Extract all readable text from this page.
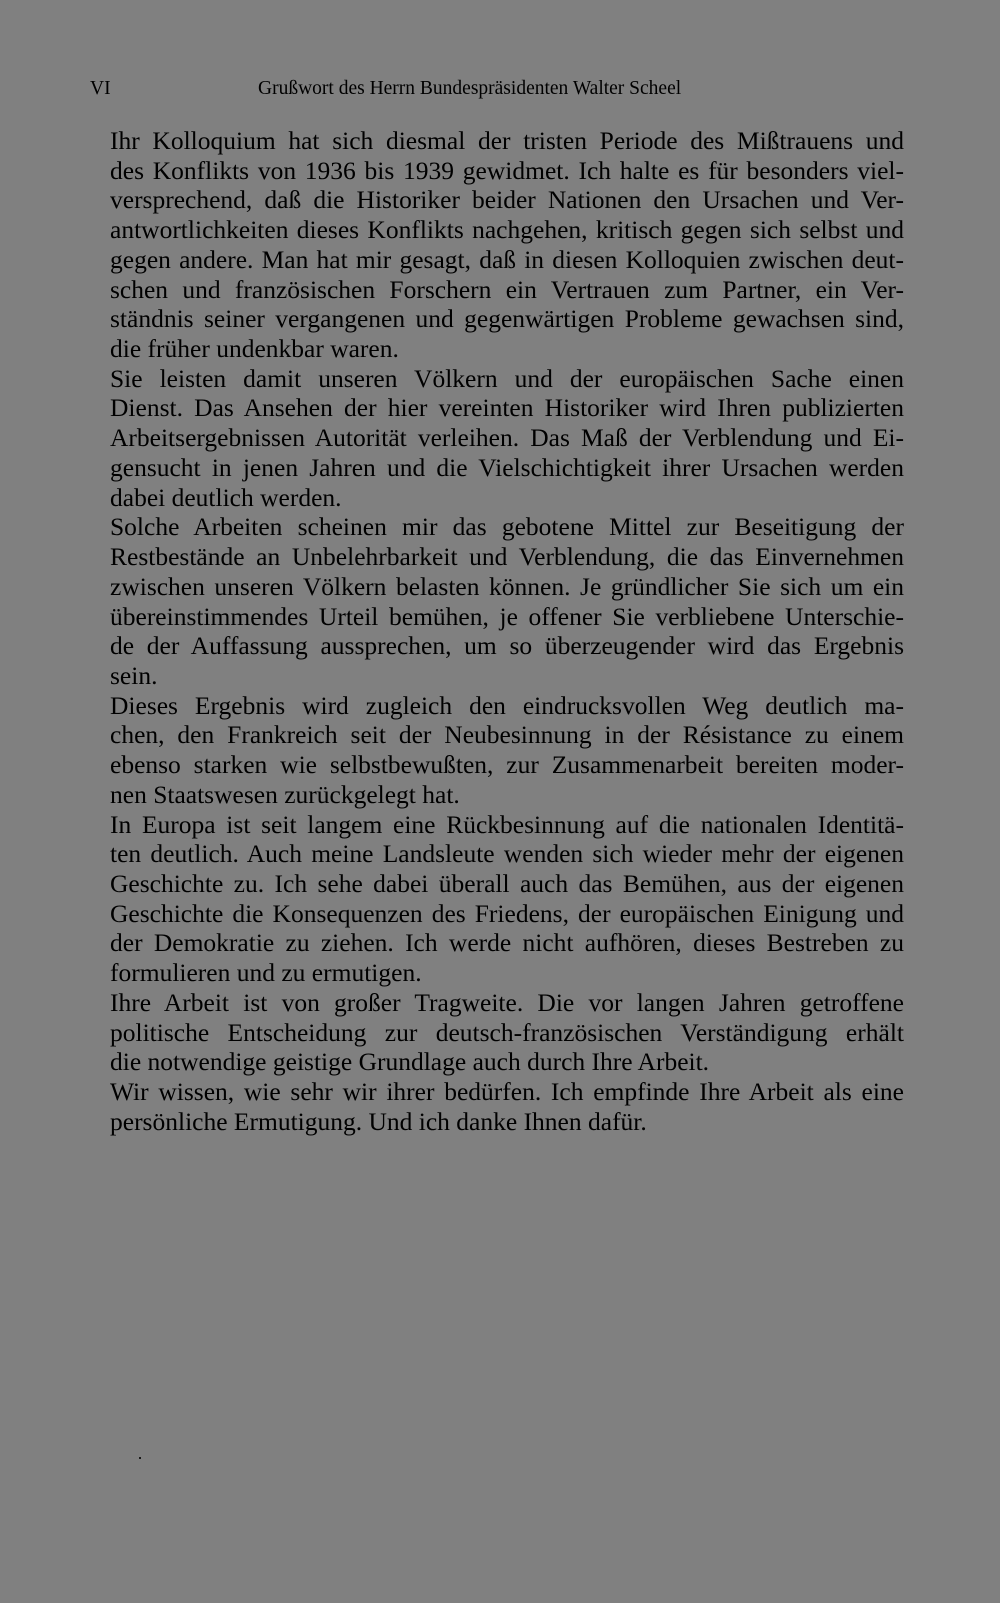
VI	Grußwort des Herrn Bundespräsidenten Walter Scheel
Ihr Kolloquium hat sich diesmal der tristen Periode des Mißtrauens und
des Konflikts von 1936 bis 1939 gewidmet. Ich halte es für besonders viel-
versprechend, daß die Historiker beider Nationen den Ursachen und Ver-
antwortlichkeiten dieses Konflikts nachgehen, kritisch gegen sich selbst und
gegen andere. Man hat mir gesagt, daß in diesen Kolloquien zwischen deut-
schen und französischen Forschern ein Vertrauen zum Partner, ein Ver-
ständnis seiner vergangenen und gegenwärtigen Probleme gewachsen sind,
die früher undenkbar waren.
Sie leisten damit unseren Völkern und der europäischen Sache einen
Dienst. Das Ansehen der hier vereinten Historiker wird Ihren publizierten
Arbeitsergebnissen Autorität verleihen. Das Maß der Verblendung und Ei-
gensucht in jenen Jahren und die Vielschichtigkeit ihrer Ursachen werden
dabei deutlich werden.
Solche Arbeiten scheinen mir das gebotene Mittel zur Beseitigung der
Restbestände an Unbelehrbarkeit und Verblendung, die das Einvernehmen
zwischen unseren Völkern belasten können. Je gründlicher Sie sich um ein
übereinstimmendes Urteil bemühen, je offener Sie verbliebene Unterschie-
de der Auffassung aussprechen, um so überzeugender wird das Ergebnis
sein.
Dieses Ergebnis wird zugleich den eindrucksvollen Weg deutlich ma-
chen, den Frankreich seit der Neubesinnung in der Résistance zu einem
ebenso starken wie selbstbewußten, zur Zusammenarbeit bereiten moder-
nen Staatswesen zurückgelegt hat.
In Europa ist seit langem eine Rückbesinnung auf die nationalen Identitä-
ten deutlich. Auch meine Landsleute wenden sich wieder mehr der eigenen
Geschichte zu. Ich sehe dabei überall auch das Bemühen, aus der eigenen
Geschichte die Konsequenzen des Friedens, der europäischen Einigung und
der Demokratie zu ziehen. Ich werde nicht aufhören, dieses Bestreben zu
formulieren und zu ermutigen.
Ihre Arbeit ist von großer Tragweite. Die vor langen Jahren getroffene
politische Entscheidung zur deutsch-französischen Verständigung erhält
die notwendige geistige Grundlage auch durch Ihre Arbeit.
Wir wissen, wie sehr wir ihrer bedürfen. Ich empfinde Ihre Arbeit als eine
persönliche Ermutigung. Und ich danke Ihnen dafür.
